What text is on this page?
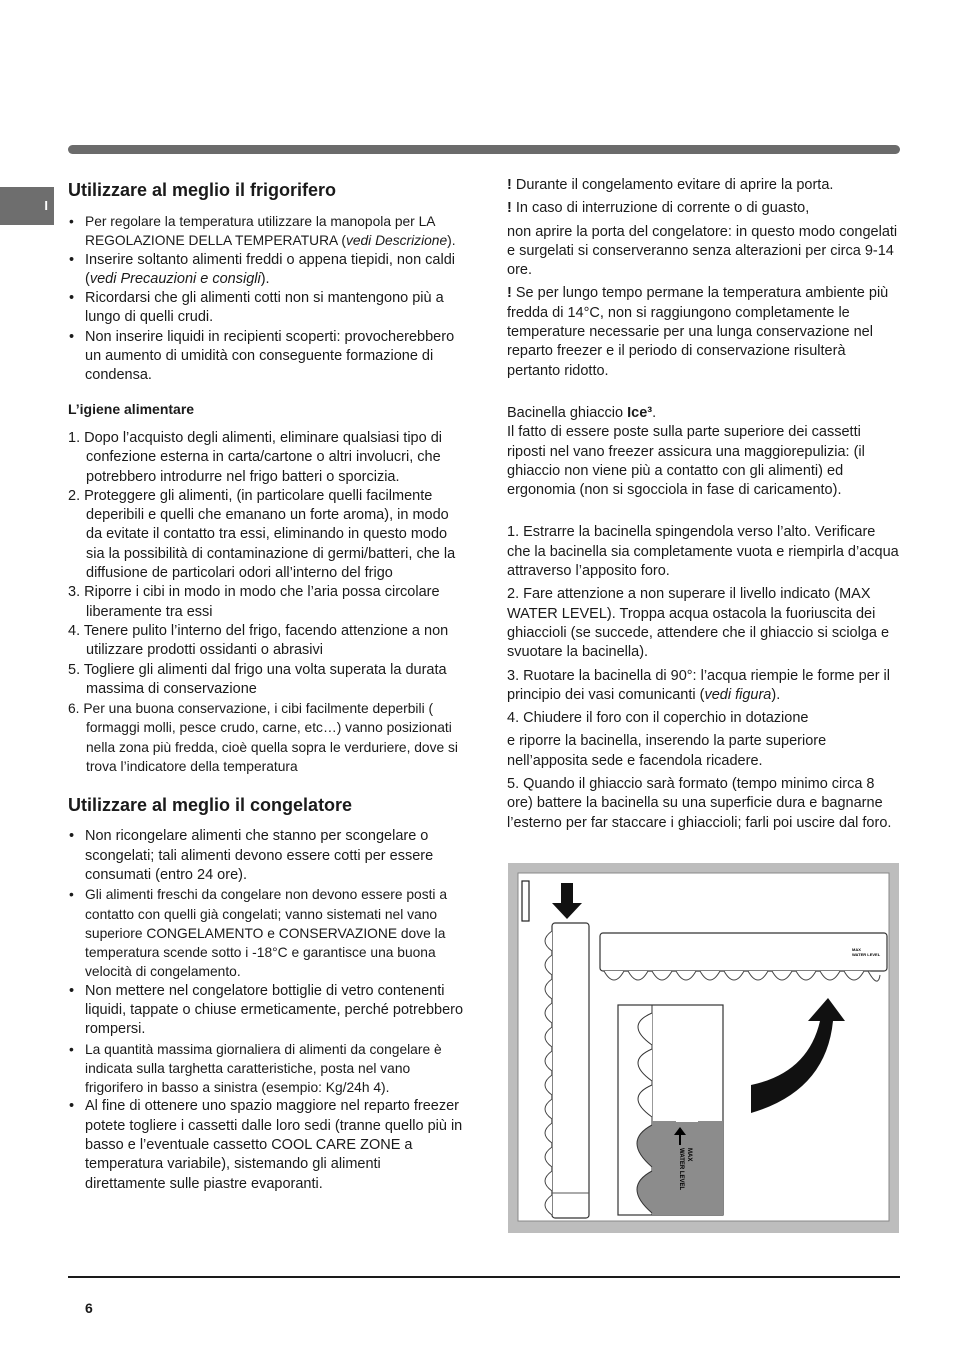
I
Utilizzare al meglio il frigorifero
• Per regolare la temperatura utilizzare la manopola per LA REGOLAZIONE DELLA TEMPERATURA (vedi Descrizione).
• Inserire soltanto alimenti freddi o appena tiepidi, non caldi (vedi Precauzioni e consigli).
• Ricordarsi che gli alimenti cotti non si mantengono più a lungo di quelli crudi.
• Non inserire liquidi in recipienti scoperti: provocherebbero un aumento di umidità con conseguente formazione di condensa.
L’igiene alimentare
1. Dopo l’acquisto degli alimenti, eliminare qualsiasi tipo di confezione esterna in carta/cartone o altri involucri, che potrebbero introdurre nel frigo batteri o sporcizia.
2. Proteggere gli alimenti, (in particolare quelli facilmente deperibili e quelli che emanano un forte aroma), in modo da evitate il contatto tra essi, eliminando in questo modo sia la possibilità di contaminazione di germi/batteri, che la diffusione de particolari odori all’interno del frigo
3. Riporre i cibi in modo in modo che l’aria possa circolare liberamente tra essi
4. Tenere pulito l’interno del frigo, facendo attenzione a non utilizzare prodotti ossidanti o abrasivi
5. Togliere gli alimenti dal frigo una volta superata la durata massima di conservazione
6. Per una buona conservazione, i cibi facilmente deperbili ( formaggi molli, pesce crudo, carne, etc…) vanno posizionati nella zona più fredda, cioè quella sopra le verduriere, dove si trova l’indicatore della temperatura
Utilizzare al meglio il congelatore
• Non ricongelare alimenti che stanno per scongelare o scongelati; tali alimenti devono essere cotti per essere consumati (entro 24 ore).
• Gli alimenti freschi da congelare non devono essere posti a contatto con quelli già congelati; vanno sistemati nel vano superiore CONGELAMENTO e CONSERVAZIONE dove la temperatura scende sotto i -18°C e garantisce una buona velocità di congelamento.
• Non mettere nel congelatore bottiglie di vetro contenenti liquidi, tappate o chiuse ermeticamente, perché potrebbero rompersi.
• La quantità massima giornaliera di alimenti da congelare è indicata sulla targhetta caratteristiche, posta nel vano frigorifero in basso a sinistra (esempio: Kg/24h 4).
• Al fine di ottenere uno spazio maggiore nel reparto freezer potete togliere i cassetti dalle loro sedi (tranne quello più in basso e l’eventuale cassetto COOL CARE ZONE a temperatura variabile), sistemando gli alimenti direttamente sulle piastre evaporanti.

! Durante il congelamento evitare di aprire la porta.

! In caso di interruzione di corrente o di guasto,

non aprire la porta del congelatore: in questo modo congelati e surgelati si conserveranno senza alterazioni per circa 9-14 ore.

! Se per lungo tempo permane la temperatura ambiente più fredda di 14°C, non si raggiungono completamente le temperature necessarie per una lunga conservazione nel reparto freezer e il periodo di conservazione risulterà pertanto ridotto.

Bacinella ghiaccio Ice³.

Il fatto di essere poste sulla parte superiore dei cassetti riposti nel vano freezer assicura una maggiorepulizia: (il ghiaccio non viene più a contatto con gli alimenti) ed ergonomia (non si sgocciola in fase di caricamento).

1. Estrarre la bacinella spingendola verso l’alto. Verificare che la bacinella sia completamente vuota e riempirla d’acqua attraverso l’apposito foro.

2. Fare attenzione a non superare il livello indicato (MAX WATER LEVEL). Troppa acqua ostacola la fuoriuscita dei ghiaccioli (se succede, attendere che il ghiaccio si sciolga e svuotare la bacinella).

3. Ruotare la bacinella di 90°: l’acqua riempie le forme per il principio dei vasi comunicanti (vedi figura).

4. Chiudere il foro con il coperchio in dotazione

e riporre la bacinella, inserendo la parte superiore nell’apposita sede e facendola ricadere.

5. Quando il ghiaccio sarà formato (tempo minimo circa 8 ore) battere la bacinella su una superficie dura e bagnarne l’esterno per far staccare i ghiaccioli; farli poi uscire dal foro.

MAX
WATER LEVEL
MAX
WATER LEVEL
6
